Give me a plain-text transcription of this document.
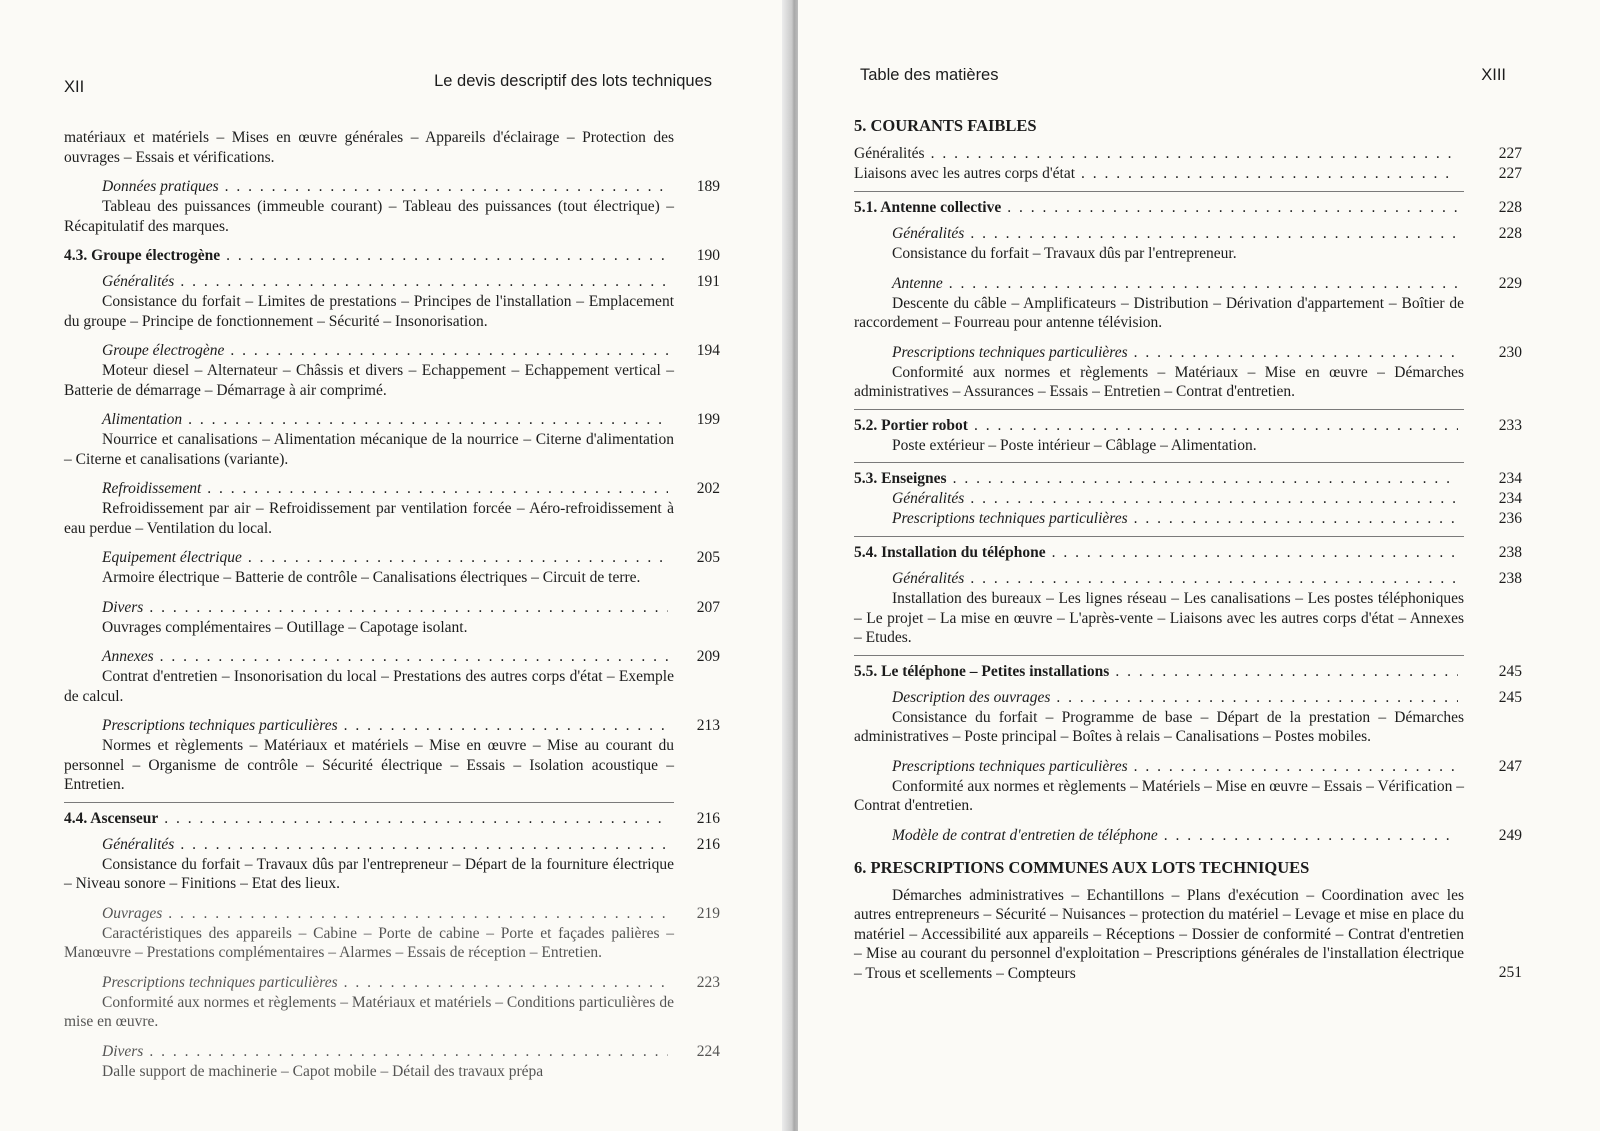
XII	Le devis descriptif des lots techniques
matériaux et matériels – Mises en œuvre générales – Appareils d'éclairage – Protection des ouvrages – Essais et vérifications.
Données pratiques . . .	189
Tableau des puissances (immeuble courant) – Tableau des puissances (tout électrique) – Récapitulatif des marques.
4.3. Groupe électrogène . . .	190
Généralités . . .	191
Consistance du forfait – Limites de prestations – Principes de l'installation – Emplacement du groupe – Principe de fonctionnement – Sécurité – Insonorisation.
Groupe électrogène . . .	194
Moteur diesel – Alternateur – Châssis et divers – Echappement – Echappement vertical – Batterie de démarrage – Démarrage à air comprimé.
Alimentation . . .	199
Nourrice et canalisations – Alimentation mécanique de la nourrice – Citerne d'alimentation – Citerne et canalisations (variante).
Refroidissement . . .	202
Refroidissement par air – Refroidissement par ventilation forcée – Aéro-refroidissement à eau perdue – Ventilation du local.
Equipement électrique . . .	205
Armoire électrique – Batterie de contrôle – Canalisations électriques – Circuit de terre.
Divers . . .	207
Ouvrages complémentaires – Outillage – Capotage isolant.
Annexes . . .	209
Contrat d'entretien – Insonorisation du local – Prestations des autres corps d'état – Exemple de calcul.
Prescriptions techniques particulières . . .	213
Normes et règlements – Matériaux et matériels – Mise en œuvre – Mise au courant du personnel – Organisme de contrôle – Sécurité électrique – Essais – Isolation acoustique – Entretien.
4.4. Ascenseur . . .	216
Généralités . . .	216
Consistance du forfait – Travaux dûs par l'entrepreneur – Départ de la fourniture électrique – Niveau sonore – Finitions – Etat des lieux.
Ouvrages . . .	219
Caractéristiques des appareils – Cabine – Porte de cabine – Porte et façades palières – Manœuvre – Prestations complémentaires – Alarmes – Essais de réception – Entretien.
Prescriptions techniques particulières . . .	223
Conformité aux normes et règlements – Matériaux et matériels – Conditions particulières de mise en œuvre.
Divers . . .	224
Dalle support de machinerie – Capot mobile – Détail des travaux prépa
Table des matières	XIII
5. COURANTS FAIBLES
Généralités . . .	227
Liaisons avec les autres corps d'état . . .	227
5.1. Antenne collective . . .	228
Généralités . . .	228
Consistance du forfait – Travaux dûs par l'entrepreneur.
Antenne . . .	229
Descente du câble – Amplificateurs – Distribution – Dérivation d'appartement – Boîtier de raccordement – Fourreau pour antenne télévision.
Prescriptions techniques particulières . . .	230
Conformité aux normes et règlements – Matériaux – Mise en œuvre – Démarches administratives – Assurances – Essais – Entretien – Contrat d'entretien.
5.2. Portier robot . . .	233
Poste extérieur – Poste intérieur – Câblage – Alimentation.
5.3. Enseignes . . .	234
Généralités . . .	234
Prescriptions techniques particulières . . .	236
5.4. Installation du téléphone . . .	238
Généralités . . .	238
Installation des bureaux – Les lignes réseau – Les canalisations – Les postes téléphoniques – Le projet – La mise en œuvre – L'après-vente – Liaisons avec les autres corps d'état – Annexes – Etudes.
5.5. Le téléphone – Petites installations . . .	245
Description des ouvrages . . .	245
Consistance du forfait – Programme de base – Départ de la prestation – Démarches administratives – Poste principal – Boîtes à relais – Canalisations – Postes mobiles.
Prescriptions techniques particulières . . .	247
Conformité aux normes et règlements – Matériels – Mise en œuvre – Essais – Vérification – Contrat d'entretien.
Modèle de contrat d'entretien de téléphone . . .	249
6. PRESCRIPTIONS COMMUNES AUX LOTS TECHNIQUES
Démarches administratives – Echantillons – Plans d'exécution – Coordination avec les autres entrepreneurs – Sécurité – Nuisances – protection du matériel – Levage et mise en place du matériel – Accessibilité aux appareils – Réceptions – Dossier de conformité – Contrat d'entretien – Mise au courant du personnel d'exploitation – Prescriptions générales de l'installation électrique – Trous et scellements – Compteurs	251
